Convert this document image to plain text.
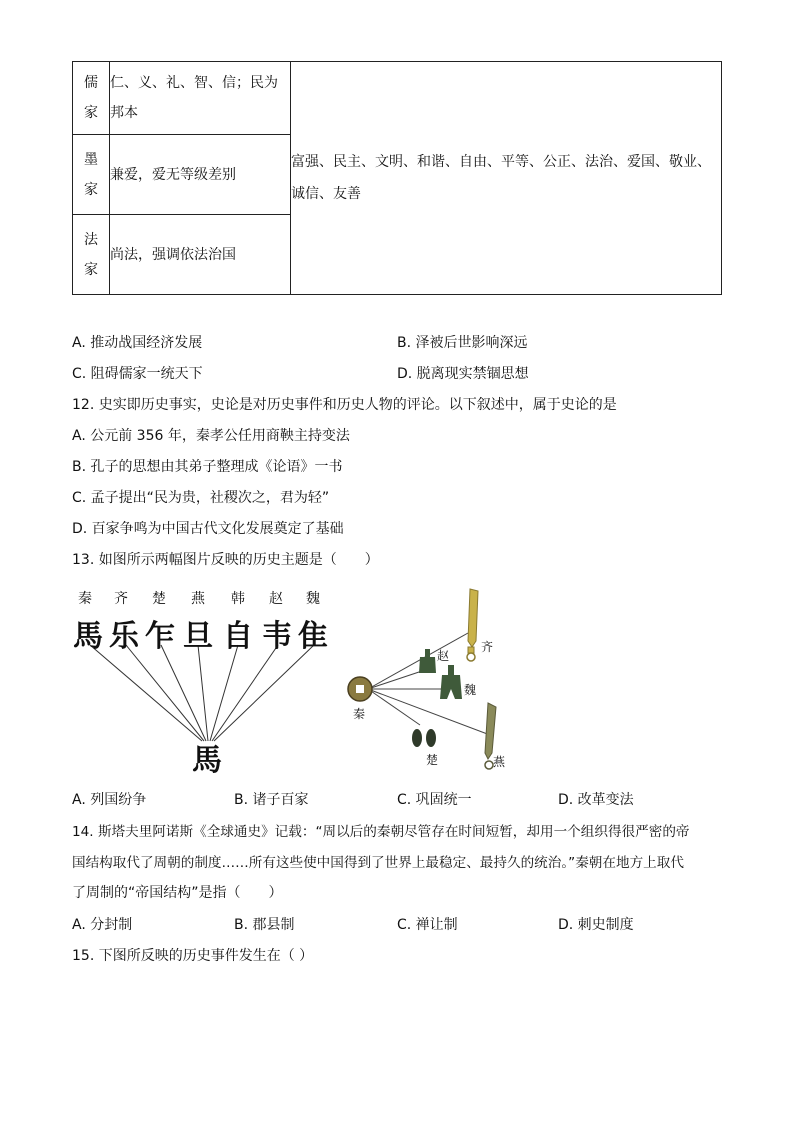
儒
家	仁、义、礼、智、信；民为邦本	富强、民主、文明、和谐、自由、平等、公正、法治、爱国、敬业、诚信、友善

墨
家	兼爱，爱无等级差别	

法
家	尚法，强调依法治国	
A. 推动战国经济发展	B. 泽被后世影响深远
C. 阻碍儒家一统天下	D. 脱离现实禁锢思想
12. 史实即历史事实，史论是对历史事件和历史人物的评论。以下叙述中，属于史论的是
A. 公元前 356 年，秦孝公任用商鞅主持变法
B. 孔子的思想由其弟子整理成《论语》一书
C. 孟子提出“民为贵，社稷次之，君为轻”
D. 百家争鸣为中国古代文化发展奠定了基础
13. 如图所示两幅图片反映的历史主题是（　　）
秦 齐 楚 燕 韩 赵 魏
馬 乐 乍 旦 自 韦 隹
馬
齐
赵
魏
秦
楚	燕
A. 列国纷争	B. 诸子百家	C. 巩固统一	D. 改革变法
14. 斯塔夫里阿诺斯《全球通史》记载：“周以后的秦朝尽管存在时间短暂，却用一个组织得很严密的帝
国结构取代了周朝的制度……所有这些使中国得到了世界上最稳定、最持久的统治。”秦朝在地方上取代
了周制的“帝国结构”是指（　　）
A. 分封制	B. 郡县制	C. 禅让制	D. 刺史制度
15. 下图所反映的历史事件发生在（ ）
